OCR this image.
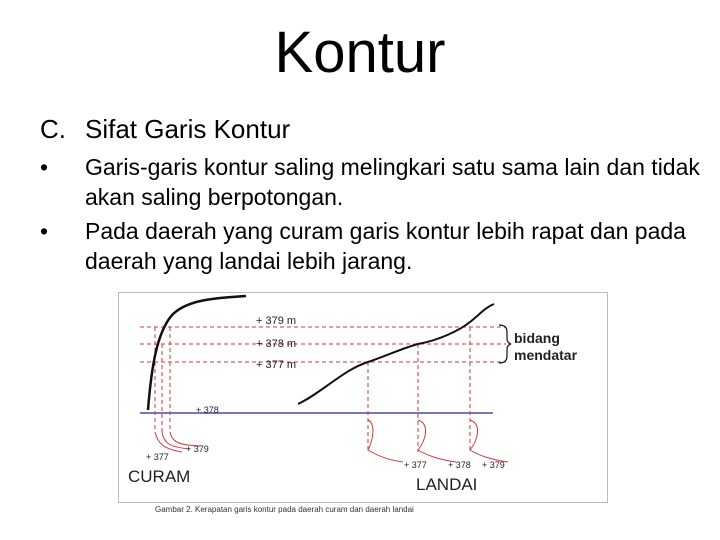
Kontur
C. Sifat Garis Kontur
• Garis-garis kontur saling melingkari satu sama lain dan tidak akan saling berpotongan.
• Pada daerah yang curam garis kontur lebih rapat dan pada daerah yang landai lebih jarang.
+ 379 m
+ 378 m
+ 377 m
bidang
mendatar
+ 378
+ 379
+ 377
+ 377 + 378 + 379
CURAM	LANDAI
Gambar 2. Kerapatan garis kontur pada daerah curam dan daerah landai
